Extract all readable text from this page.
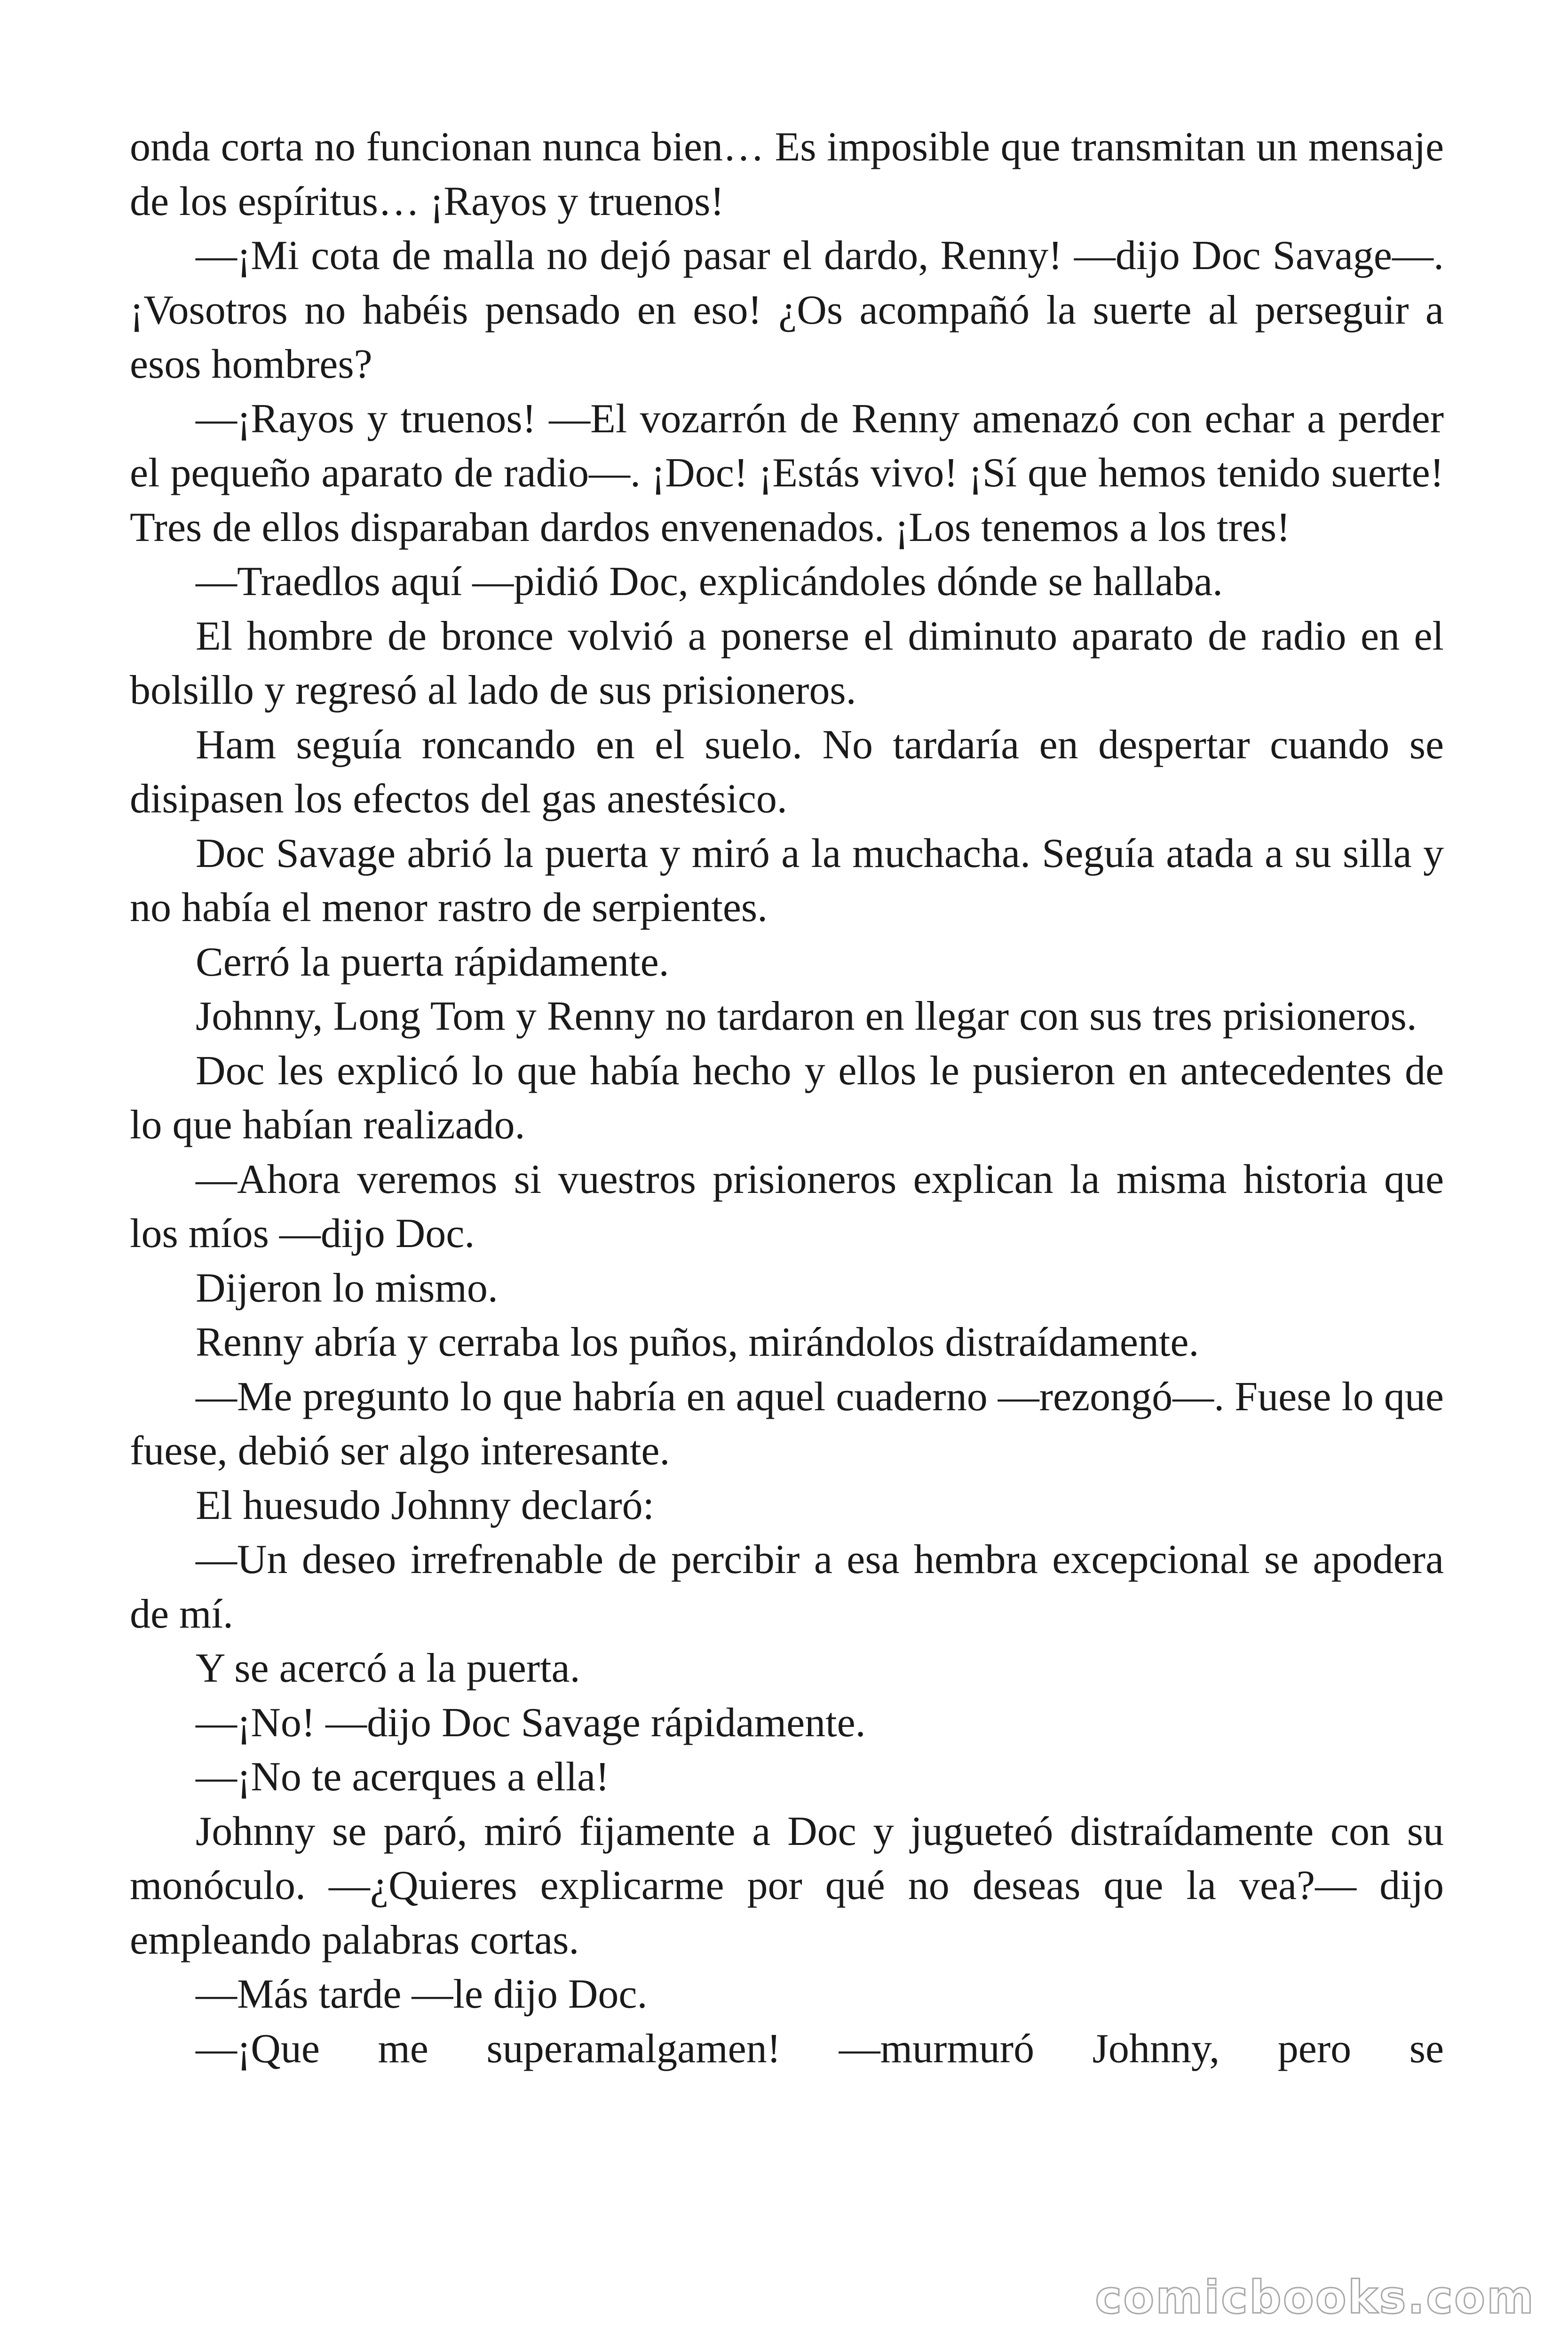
onda corta no funcionan nunca bien… Es imposible que transmitan un mensaje de los espíritus… ¡Rayos y truenos!

—¡Mi cota de malla no dejó pasar el dardo, Renny! —dijo Doc Savage—. ¡Vosotros no habéis pensado en eso! ¿Os acompañó la suerte al perseguir a esos hombres?

—¡Rayos y truenos! —El vozarrón de Renny amenazó con echar a perder el pequeño aparato de radio—. ¡Doc! ¡Estás vivo! ¡Sí que hemos tenido suerte! Tres de ellos disparaban dardos envenenados. ¡Los tenemos a los tres!

—Traedlos aquí —pidió Doc, explicándoles dónde se hallaba.

El hombre de bronce volvió a ponerse el diminuto aparato de radio en el bolsillo y regresó al lado de sus prisioneros.

Ham seguía roncando en el suelo. No tardaría en despertar cuando se disipasen los efectos del gas anestésico.

Doc Savage abrió la puerta y miró a la muchacha. Seguía atada a su silla y no había el menor rastro de serpientes.

Cerró la puerta rápidamente.

Johnny, Long Tom y Renny no tardaron en llegar con sus tres prisioneros.

Doc les explicó lo que había hecho y ellos le pusieron en antecedentes de lo que habían realizado.

—Ahora veremos si vuestros prisioneros explican la misma historia que los míos —dijo Doc.

Dijeron lo mismo.

Renny abría y cerraba los puños, mirándolos distraídamente.

—Me pregunto lo que habría en aquel cuaderno —rezongó—. Fuese lo que fuese, debió ser algo interesante.

El huesudo Johnny declaró:

—Un deseo irrefrenable de percibir a esa hembra excepcional se apodera de mí.

Y se acercó a la puerta.

—¡No! —dijo Doc Savage rápidamente.

—¡No te acerques a ella!

Johnny se paró, miró fijamente a Doc y jugueteó distraídamente con su monóculo. —¿Quieres explicarme por qué no deseas que la vea?— dijo empleando palabras cortas.

—Más tarde —le dijo Doc.

—¡Que me superamalgamen! —murmuró Johnny, pero se

comicbooks.com
